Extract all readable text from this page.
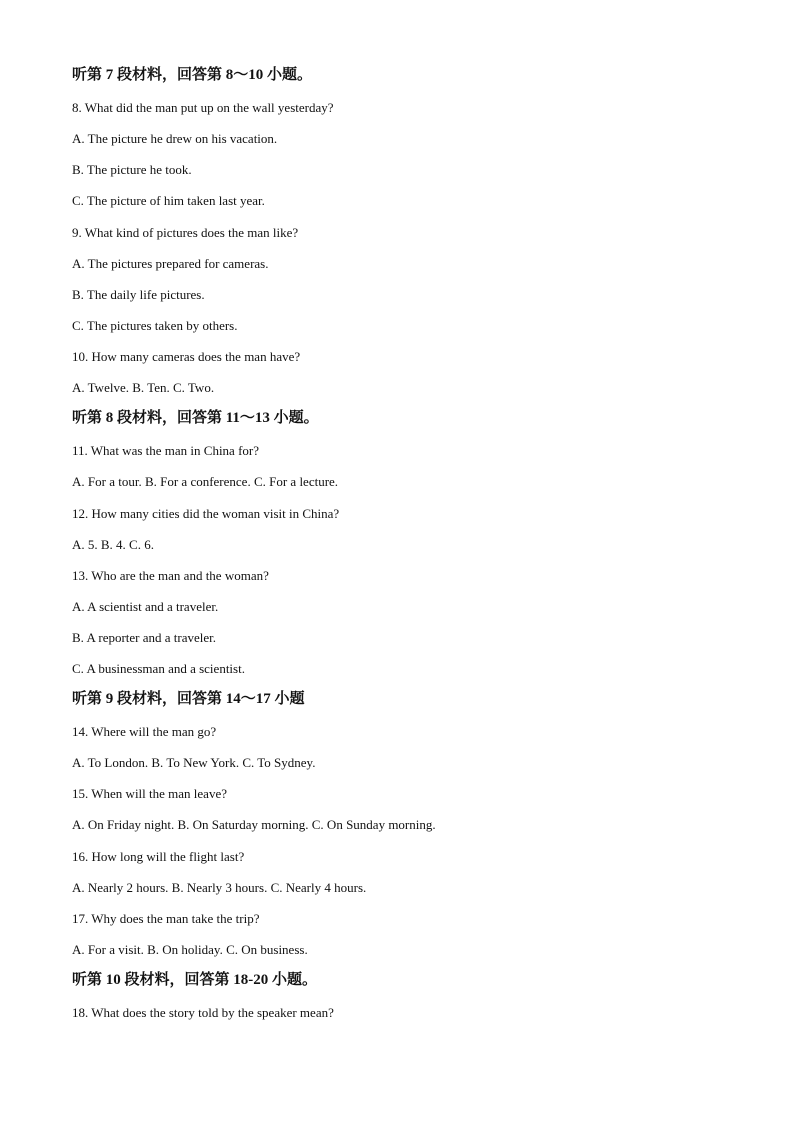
听第 7 段材料，回答第 8～10 小题。
8. What did the man put up on the wall yesterday?
A. The picture he drew on his vacation.
B. The picture he took.
C. The picture of him taken last year.
9. What kind of pictures does the man like?
A. The pictures prepared for cameras.
B. The daily life pictures.
C. The pictures taken by others.
10. How many cameras does the man have?
A. Twelve. B. Ten. C. Two.
听第 8 段材料，回答第 11～13 小题。
11. What was the man in China for?
A. For a tour. B. For a conference. C. For a lecture.
12. How many cities did the woman visit in China?
A. 5. B. 4. C. 6.
13. Who are the man and the woman?
A. A scientist and a traveler.
B. A reporter and a traveler.
C. A businessman and a scientist.
听第 9 段材料，回答第 14～17 小题
14. Where will the man go?
A. To London. B. To New York. C. To Sydney.
15. When will the man leave?
A. On Friday night. B. On Saturday morning. C. On Sunday morning.
16. How long will the flight last?
A. Nearly 2 hours. B. Nearly 3 hours. C. Nearly 4 hours.
17. Why does the man take the trip?
A. For a visit. B. On holiday. C. On business.
听第 10 段材料，回答第 18-20 小题。
18. What does the story told by the speaker mean?
